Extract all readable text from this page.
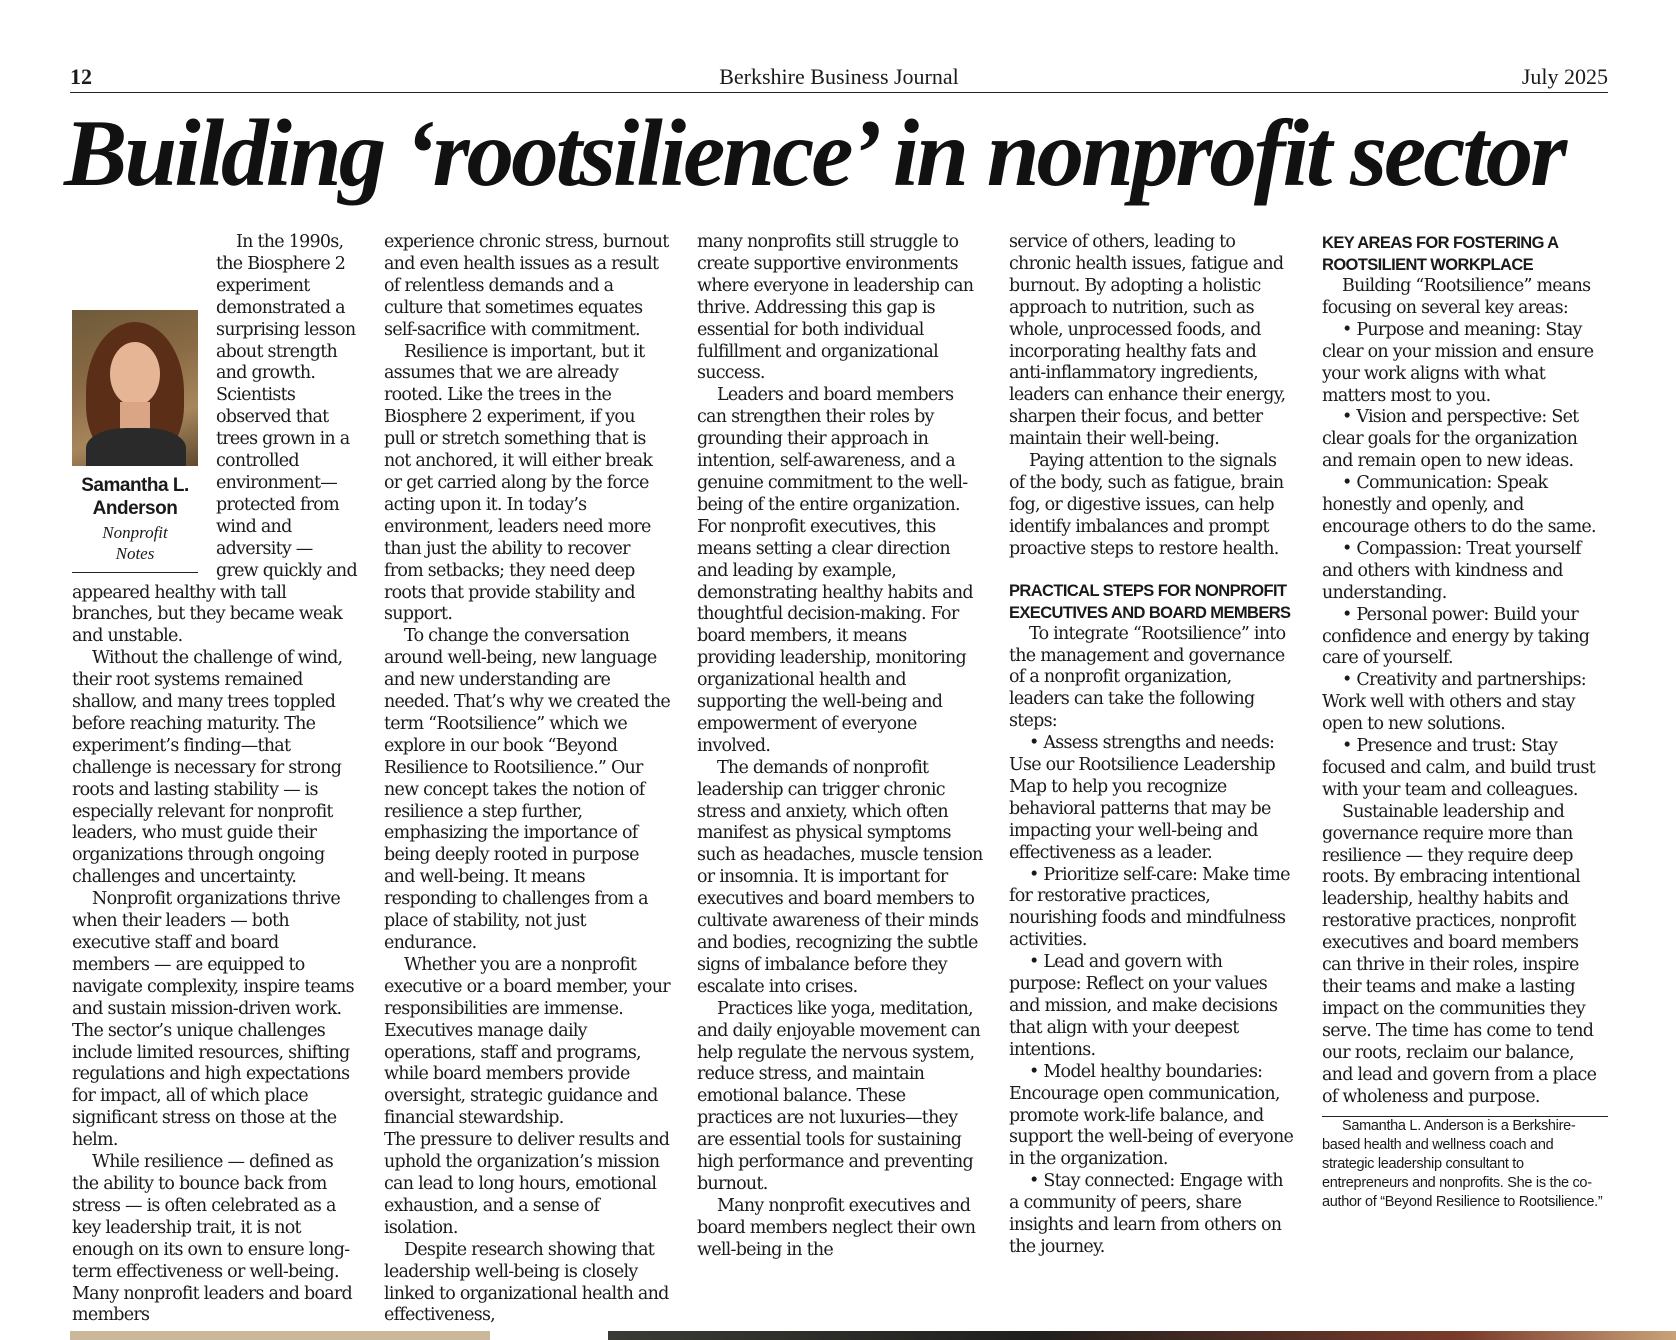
12	Berkshire Business Journal	July 2025
Building ‘rootsilience’ in nonprofit sector
Samantha L. Anderson
Nonprofit
Notes

In the 1990s, the Biosphere 2 experiment demonstrated a surprising lesson about strength and growth. Scientists observed that trees grown in a controlled environment—protected from wind and adversity — grew quickly and appeared healthy with tall branches, but they became weak and unstable.

Without the challenge of wind, their root systems remained shallow, and many trees toppled before reaching maturity. The experiment’s finding—that challenge is necessary for strong roots and lasting stability — is especially relevant for nonprofit leaders, who must guide their organizations through ongoing challenges and uncertainty.

Nonprofit organizations thrive when their leaders — both executive staff and board members — are equipped to navigate complexity, inspire teams and sustain mission-driven work. The sector’s unique challenges include limited resources, shifting regulations and high expectations for impact, all of which place significant stress on those at the helm.

While resilience — defined as the ability to bounce back from stress — is often celebrated as a key leadership trait, it is not enough on its own to ensure long-term effectiveness or well-being. Many nonprofit leaders and board members

experience chronic stress, burnout and even health issues as a result of relentless demands and a culture that sometimes equates self-sacrifice with commitment.

Resilience is important, but it assumes that we are already rooted. Like the trees in the Biosphere 2 experiment, if you pull or stretch something that is not anchored, it will either break or get carried along by the force acting upon it. In today’s environment, leaders need more than just the ability to recover from setbacks; they need deep roots that provide stability and support.

To change the conversation around well-being, new language and new understanding are needed. That’s why we created the term “Rootsilience” which we explore in our book “Beyond Resilience to Rootsilience.” Our new concept takes the notion of resilience a step further, emphasizing the importance of being deeply rooted in purpose and well-being. It means responding to challenges from a place of stability, not just endurance.

Whether you are a nonprofit executive or a board member, your responsibilities are immense. Executives manage daily operations, staff and programs, while board members provide oversight, strategic guidance and financial stewardship.

The pressure to deliver results and uphold the organization’s mission can lead to long hours, emotional exhaustion, and a sense of isolation.

Despite research showing that leadership well-being is closely linked to organizational health and effectiveness,

many nonprofits still struggle to create supportive environments where everyone in leadership can thrive. Addressing this gap is essential for both individual fulfillment and organizational success.

Leaders and board members can strengthen their roles by grounding their approach in intention, self-awareness, and a genuine commitment to the well-being of the entire organization. For nonprofit executives, this means setting a clear direction and leading by example, demonstrating healthy habits and thoughtful decision-making. For board members, it means providing leadership, monitoring organizational health and supporting the well-being and empowerment of everyone involved.

The demands of nonprofit leadership can trigger chronic stress and anxiety, which often manifest as physical symptoms such as headaches, muscle tension or insomnia. It is important for executives and board members to cultivate awareness of their minds and bodies, recognizing the subtle signs of imbalance before they escalate into crises.

Practices like yoga, meditation, and daily enjoyable movement can help regulate the nervous system, reduce stress, and maintain emotional balance. These practices are not luxuries—they are essential tools for sustaining high performance and preventing burnout.

Many nonprofit executives and board members neglect their own well-being in the

service of others, leading to chronic health issues, fatigue and burnout. By adopting a holistic approach to nutrition, such as whole, unprocessed foods, and incorporating healthy fats and anti-inflammatory ingredients, leaders can enhance their energy, sharpen their focus, and better maintain their well-being.

Paying attention to the signals of the body, such as fatigue, brain fog, or digestive issues, can help identify imbalances and prompt proactive steps to restore health.

PRACTICAL STEPS FOR NONPROFIT EXECUTIVES AND BOARD MEMBERS

To integrate “Rootsilience” into the management and governance of a nonprofit organization, leaders can take the following steps:

• Assess strengths and needs: Use our Rootsilience Leadership Map to help you recognize behavioral patterns that may be impacting your well-being and effectiveness as a leader.

• Prioritize self-care: Make time for restorative practices, nourishing foods and mindfulness activities.

• Lead and govern with purpose: Reflect on your values and mission, and make decisions that align with your deepest intentions.

• Model healthy boundaries: Encourage open communication, promote work-life balance, and support the well-being of everyone in the organization.

• Stay connected: Engage with a community of peers, share insights and learn from others on the journey.

KEY AREAS FOR FOSTERING A ROOTSILIENT WORKPLACE

Building “Rootsilience” means focusing on several key areas:

• Purpose and meaning: Stay clear on your mission and ensure your work aligns with what matters most to you.

• Vision and perspective: Set clear goals for the organization and remain open to new ideas.

• Communication: Speak honestly and openly, and encourage others to do the same.

• Compassion: Treat yourself and others with kindness and understanding.

• Personal power: Build your confidence and energy by taking care of yourself.

• Creativity and partnerships: Work well with others and stay open to new solutions.

• Presence and trust: Stay focused and calm, and build trust with your team and colleagues.

Sustainable leadership and governance require more than resilience — they require deep roots. By embracing intentional leadership, healthy habits and restorative practices, nonprofit executives and board members can thrive in their roles, inspire their teams and make a lasting impact on the communities they serve. The time has come to tend our roots, reclaim our balance, and lead and govern from a place of wholeness and purpose.

Samantha L. Anderson is a Berkshire-based health and wellness coach and strategic leadership consultant to entrepreneurs and nonprofits. She is the co-author of “Beyond Resilience to Rootsilience.”
